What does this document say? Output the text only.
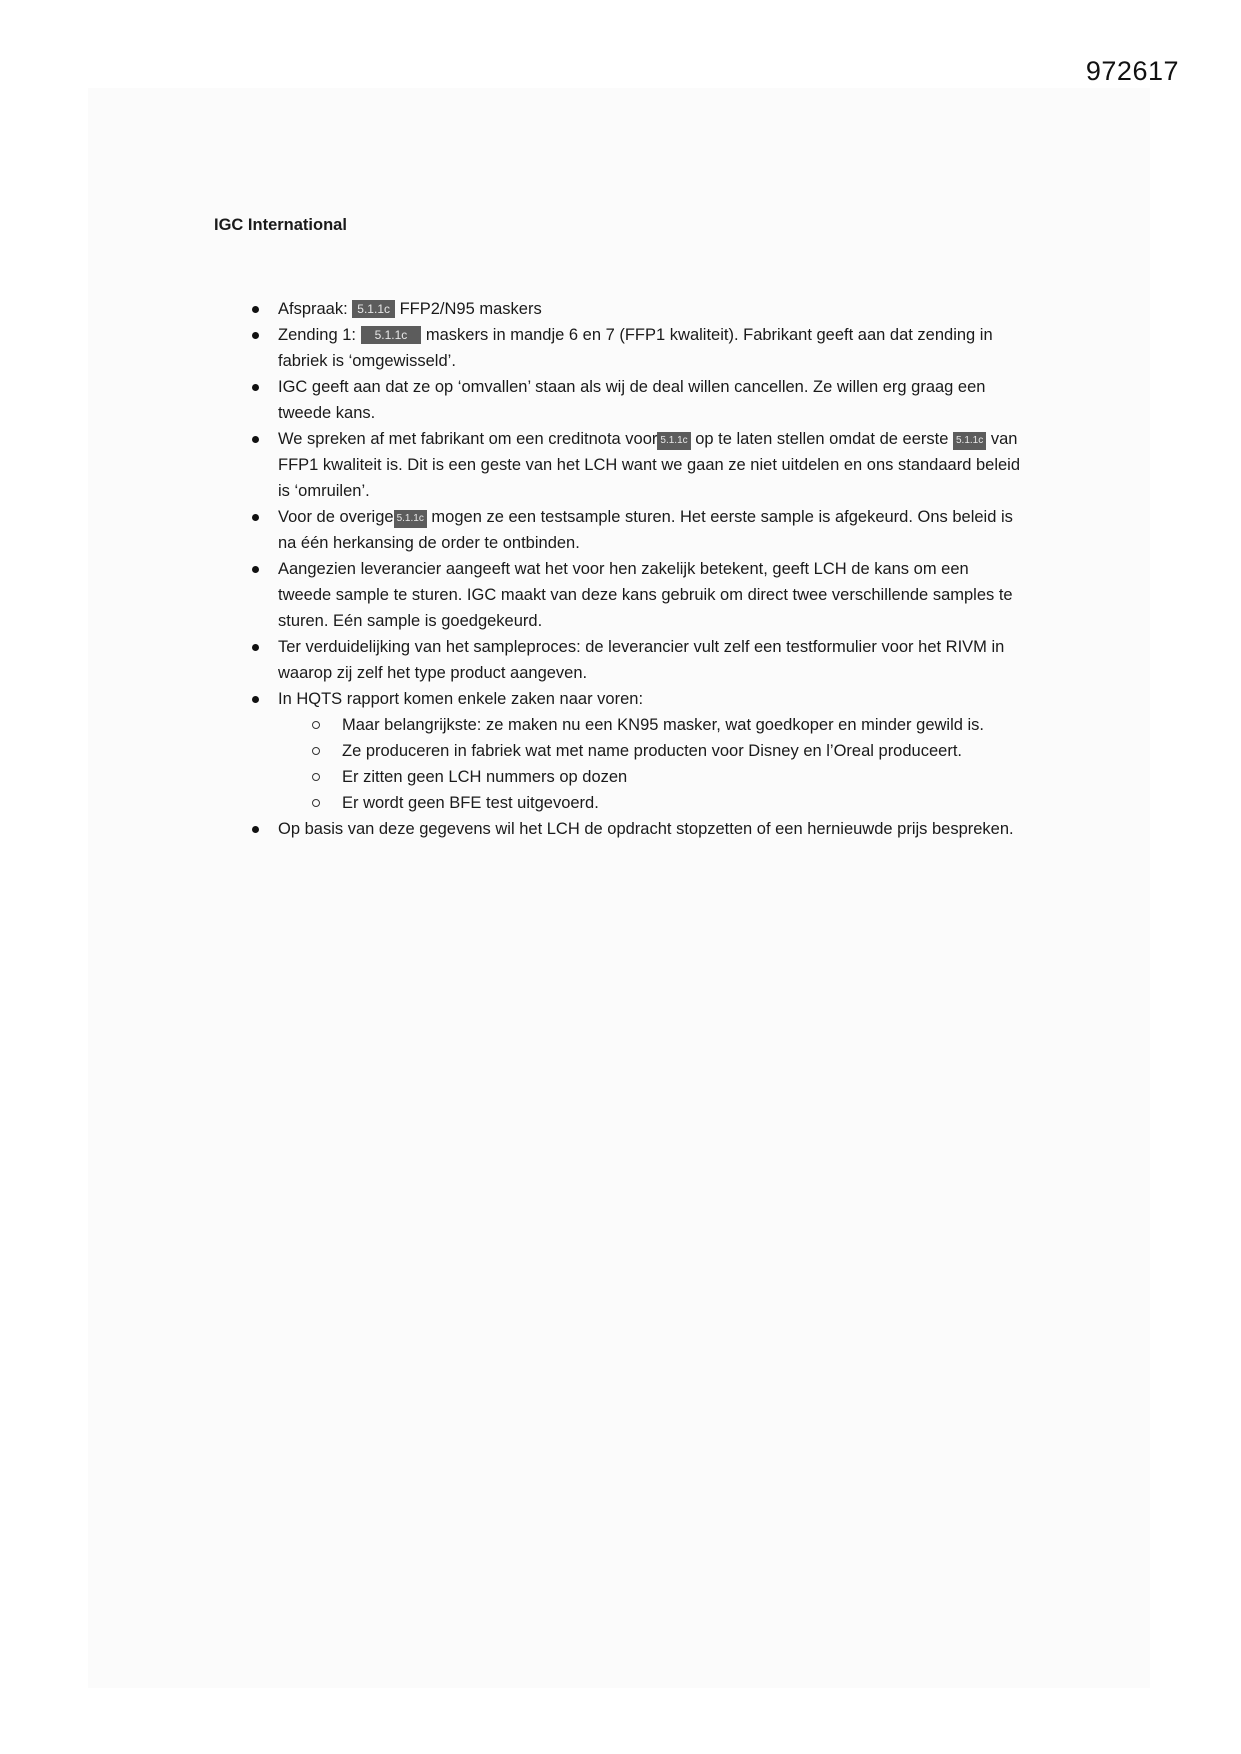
972617
IGC International
Afspraak: 5.1.1c FFP2/N95 maskers
Zending 1: 5.1.1c maskers in mandje 6 en 7 (FFP1 kwaliteit). Fabrikant geeft aan dat zending in fabriek is ‘omgewisseld’.
IGC geeft aan dat ze op ‘omvallen’ staan als wij de deal willen cancellen. Ze willen erg graag een tweede kans.
We spreken af met fabrikant om een creditnota voor 5.1.1c op te laten stellen omdat de eerste 5.1.1c van FFP1 kwaliteit is. Dit is een geste van het LCH want we gaan ze niet uitdelen en ons standaard beleid is ‘omruilen’.
Voor de overige 5.1.1c mogen ze een testsample sturen. Het eerste sample is afgekeurd. Ons beleid is na één herkansing de order te ontbinden.
Aangezien leverancier aangeeft wat het voor hen zakelijk betekent, geeft LCH de kans om een tweede sample te sturen. IGC maakt van deze kans gebruik om direct twee verschillende samples te sturen. Eén sample is goedgekeurd.
Ter verduidelijking van het sampleproces: de leverancier vult zelf een testformulier voor het RIVM in waarop zij zelf het type product aangeven.
In HQTS rapport komen enkele zaken naar voren:
Maar belangrijkste: ze maken nu een KN95 masker, wat goedkoper en minder gewild is.
Ze produceren in fabriek wat met name producten voor Disney en l’Oreal produceert.
Er zitten geen LCH nummers op dozen
Er wordt geen BFE test uitgevoerd.
Op basis van deze gegevens wil het LCH de opdracht stopzetten of een hernieuwde prijs bespreken.
